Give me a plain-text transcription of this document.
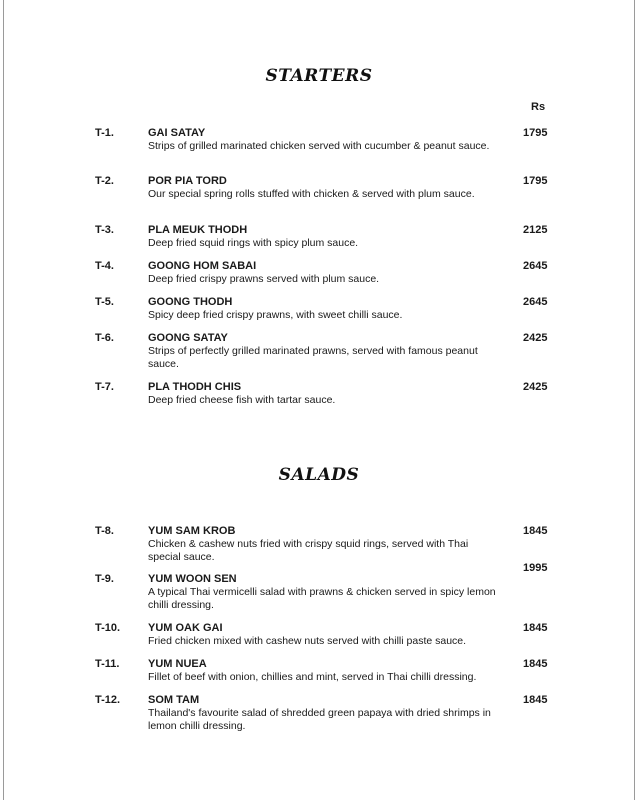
STARTERS
Rs
T-1.	GAI SATAY
Strips of grilled marinated chicken served with cucumber & peanut sauce.
1795
T-2.	POR PIA TORD
Our special spring rolls stuffed with chicken & served with plum sauce.
1795
T-3.	PLA MEUK THODH
Deep fried squid rings with spicy plum sauce.
2125
T-4.	GOONG HOM SABAI
Deep fried crispy prawns served with plum sauce.
2645
T-5.	GOONG THODH
Spicy deep fried crispy prawns, with sweet chilli sauce.
2645
T-6.	GOONG SATAY
Strips of perfectly grilled marinated prawns, served with famous peanut sauce.
2425
T-7.	PLA THODH CHIS
Deep fried cheese fish with tartar sauce.
2425
SALADS
T-8.	YUM SAM KROB
Chicken & cashew nuts fried with crispy squid rings, served with Thai special sauce.
1845
T-9.	YUM WOON SEN
A typical Thai vermicelli salad with prawns & chicken served in spicy lemon chilli dressing.
1995
T-10.	YUM OAK GAI
Fried chicken mixed with cashew nuts served with chilli paste sauce.
1845
T-11.	YUM NUEA
Fillet of beef with onion, chillies and mint, served in Thai chilli dressing.
1845
T-12.	SOM TAM
Thailand's favourite salad of shredded green papaya with dried shrimps in lemon chilli dressing.
1845
